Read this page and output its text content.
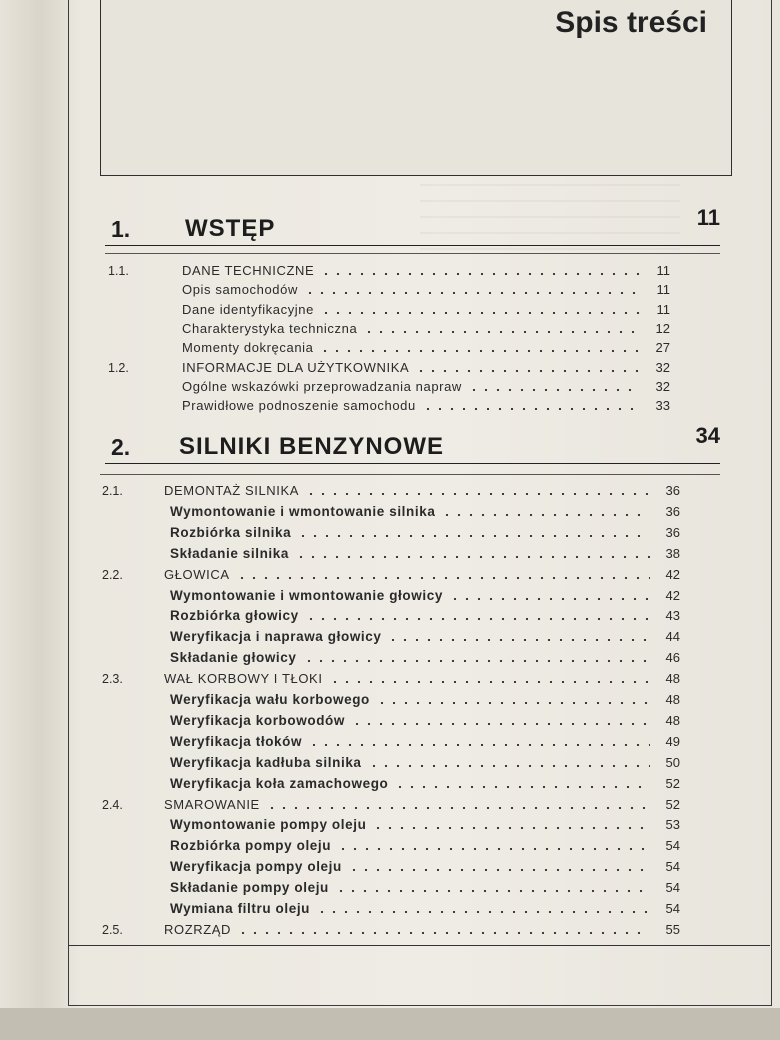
Spis treści
1. WSTĘP	11
1.1.	DANE TECHNICZNE	11
Opis samochodów	11
Dane identyfikacyjne	11
Charakterystyka techniczna	12
Momenty dokręcania	27
1.2.	INFORMACJE DLA UŻYTKOWNIKA	32
Ogólne wskazówki przeprowadzania napraw	32
Prawidłowe podnoszenie samochodu	33
2. SILNIKI BENZYNOWE	34
2.1.	DEMONTAŻ SILNIKA	36
Wymontowanie i wmontowanie silnika	36
Rozbiórka silnika	36
Składanie silnika	38
2.2.	GŁOWICA	42
Wymontowanie i wmontowanie głowicy	42
Rozbiórka głowicy	43
Weryfikacja i naprawa głowicy	44
Składanie głowicy	46
2.3.	WAŁ KORBOWY I TŁOKI	48
Weryfikacja wału korbowego	48
Weryfikacja korbowodów	48
Weryfikacja tłoków	49
Weryfikacja kadłuba silnika	50
Weryfikacja koła zamachowego	52
2.4.	SMAROWANIE	52
Wymontowanie pompy oleju	53
Rozbiórka pompy oleju	54
Weryfikacja pompy oleju	54
Składanie pompy oleju	54
Wymiana filtru oleju	54
2.5.	ROZRZĄD	55
